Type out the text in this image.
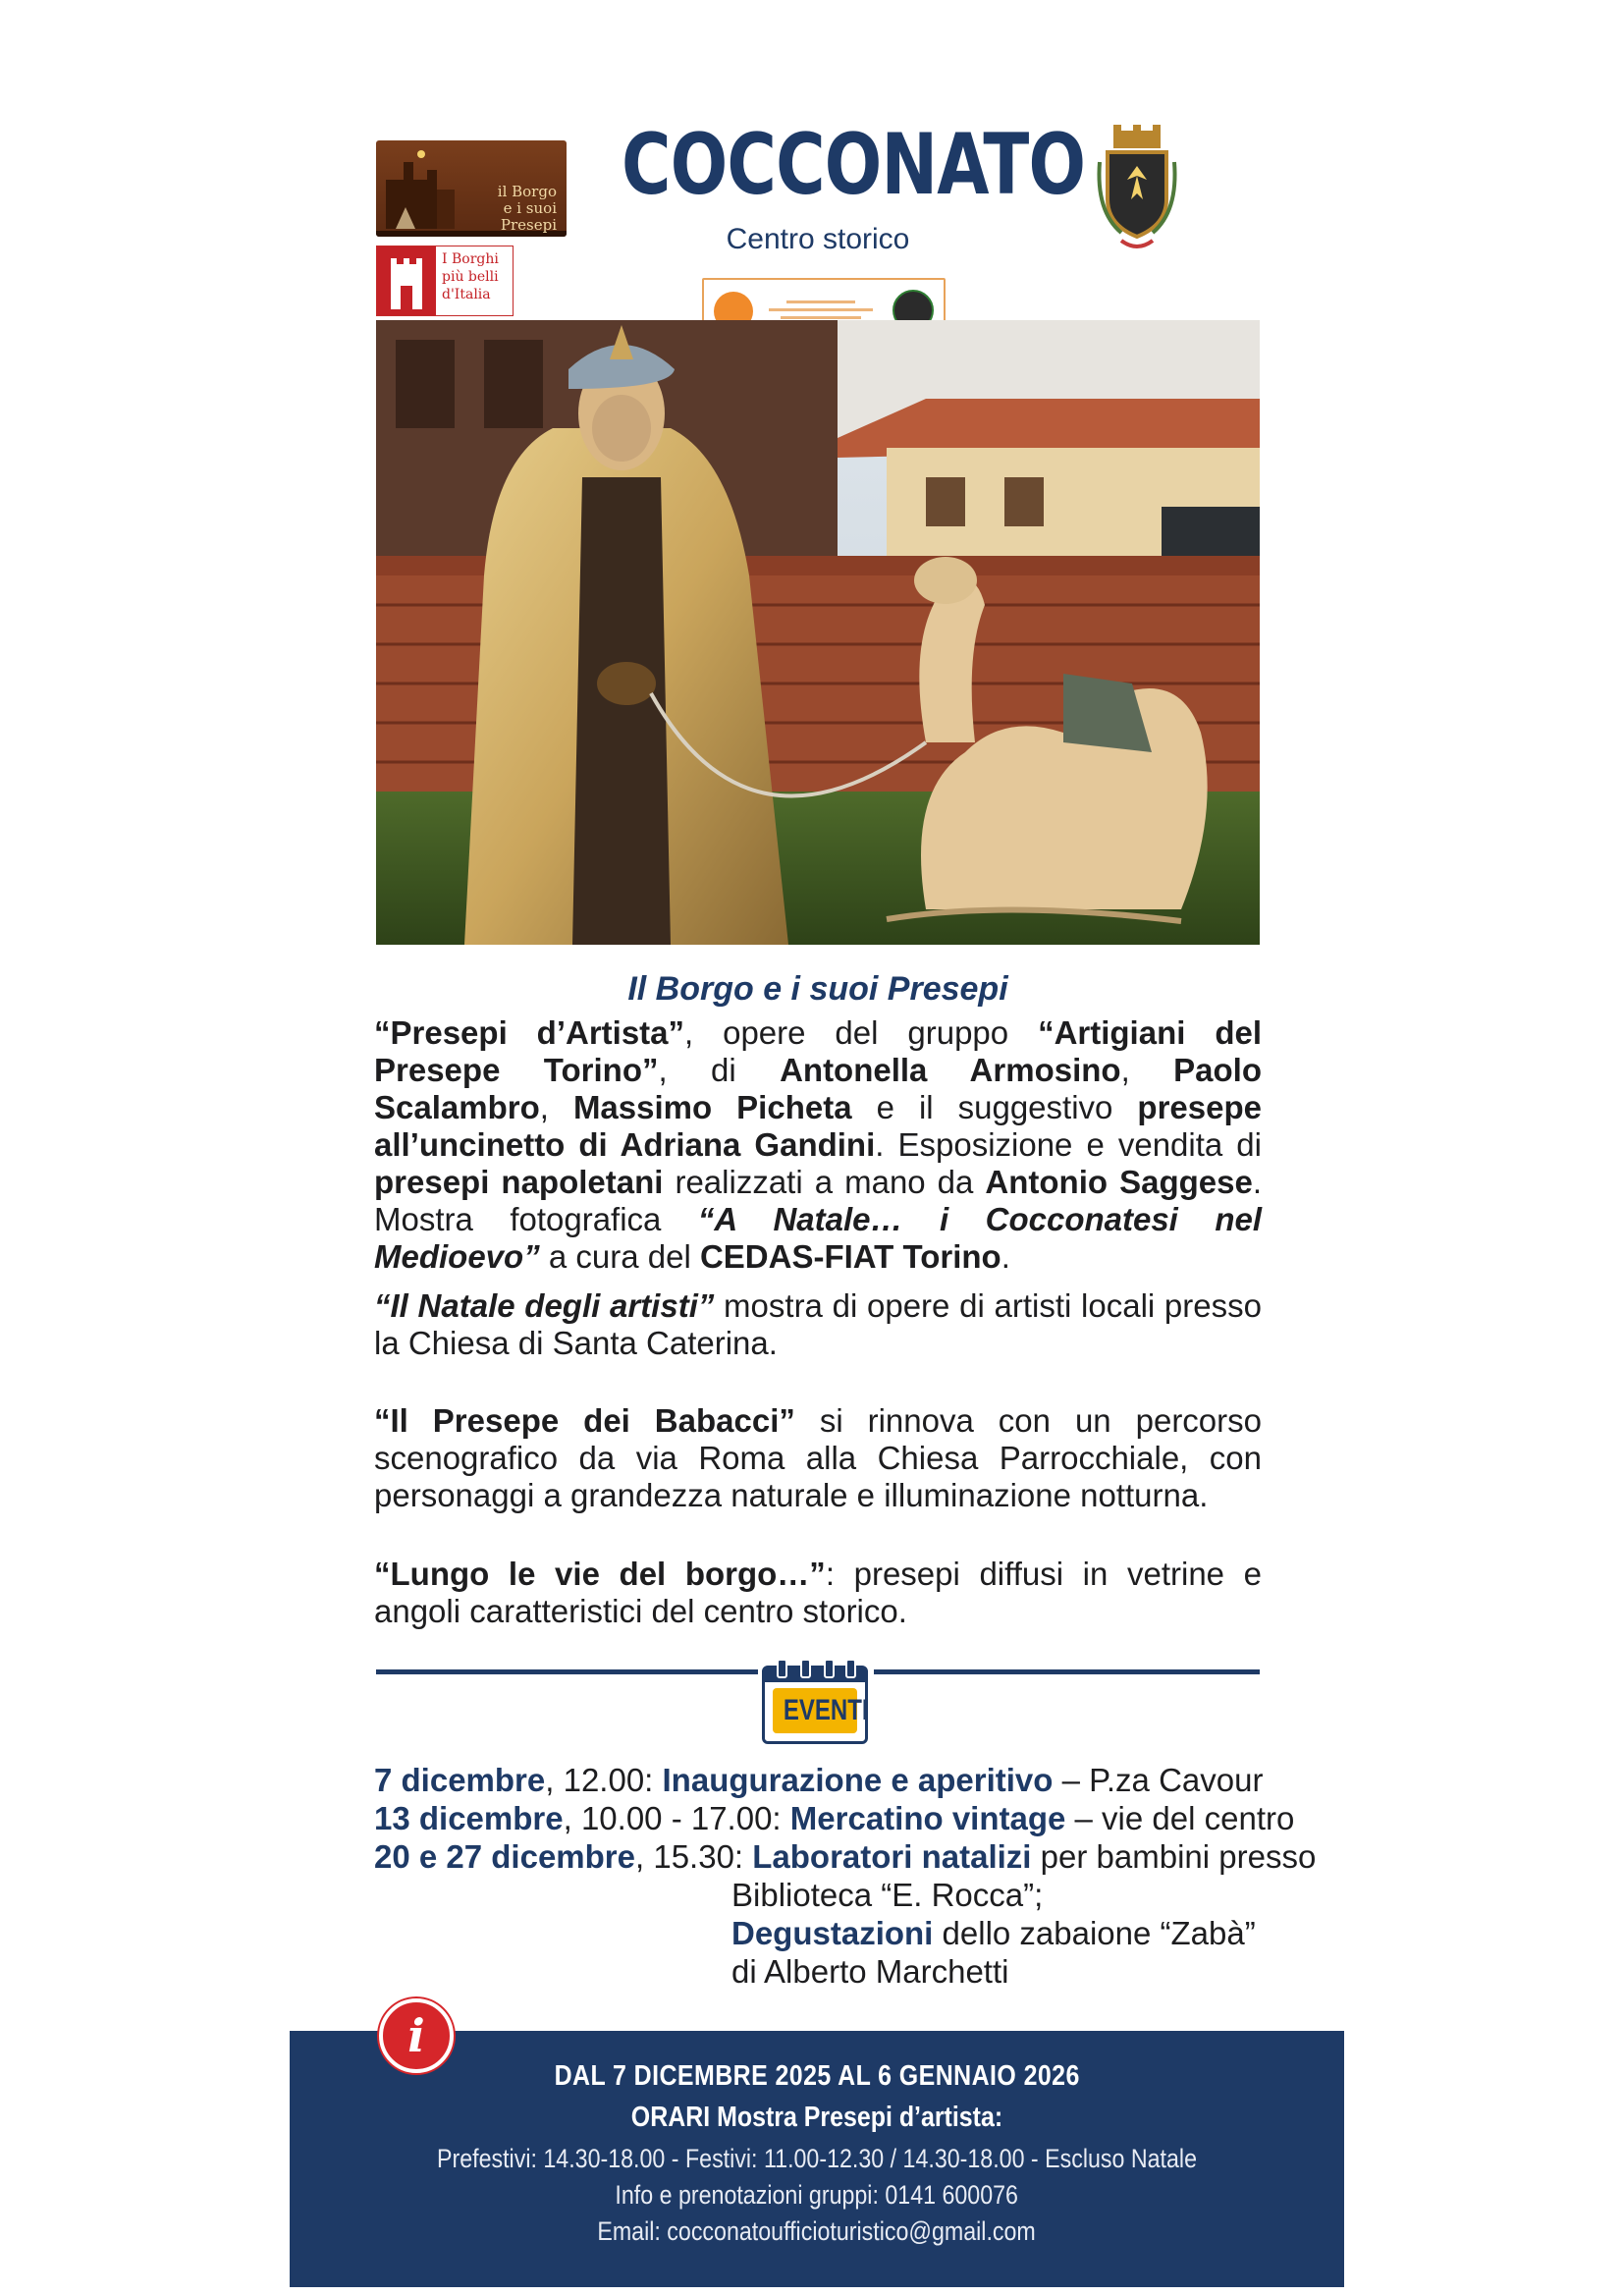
il Borgo
e i suoi Presepi
I Borghi
più belli
d'Italia
COCCONATO
Centro storico
Il Borgo e i suoi Presepi
“Presepi d’Artista”, opere del gruppo “Artigiani del Presepe Torino”, di Antonella Armosino, Paolo Scalambro, Massimo Picheta e il suggestivo presepe all’uncinetto di Adriana Gandini. Esposizione e vendita di presepi napoletani realizzati a mano da Antonio Saggese. Mostra fotografica “A Natale… i Cocconatesi nel Medioevo” a cura del CEDAS-FIAT Torino.
“Il Natale degli artisti” mostra di opere di artisti locali presso la Chiesa di Santa Caterina.
“Il Presepe dei Babacci” si rinnova con un percorso scenografico da via Roma alla Chiesa Parrocchiale, con personaggi a grandezza naturale e illuminazione notturna.
“Lungo le vie del borgo…”: presepi diffusi in vetrine e angoli caratteristici del centro storico.
EVENTI
7 dicembre, 12.00: Inaugurazione e aperitivo – P.za Cavour
13 dicembre, 10.00 - 17.00: Mercatino vintage – vie del centro
20 e 27 dicembre, 15.30: Laboratori natalizi per bambini presso
Biblioteca “E. Rocca”;
Degustazioni dello zabaione “Zabà”
di Alberto Marchetti
i
DAL 7 DICEMBRE 2025 AL 6 GENNAIO 2026
ORARI Mostra Presepi d’artista:
Prefestivi: 14.30-18.00 - Festivi: 11.00-12.30 / 14.30-18.00 - Escluso Natale
Info e prenotazioni gruppi: 0141 600076
Email: cocconatoufficioturistico@gmail.com
